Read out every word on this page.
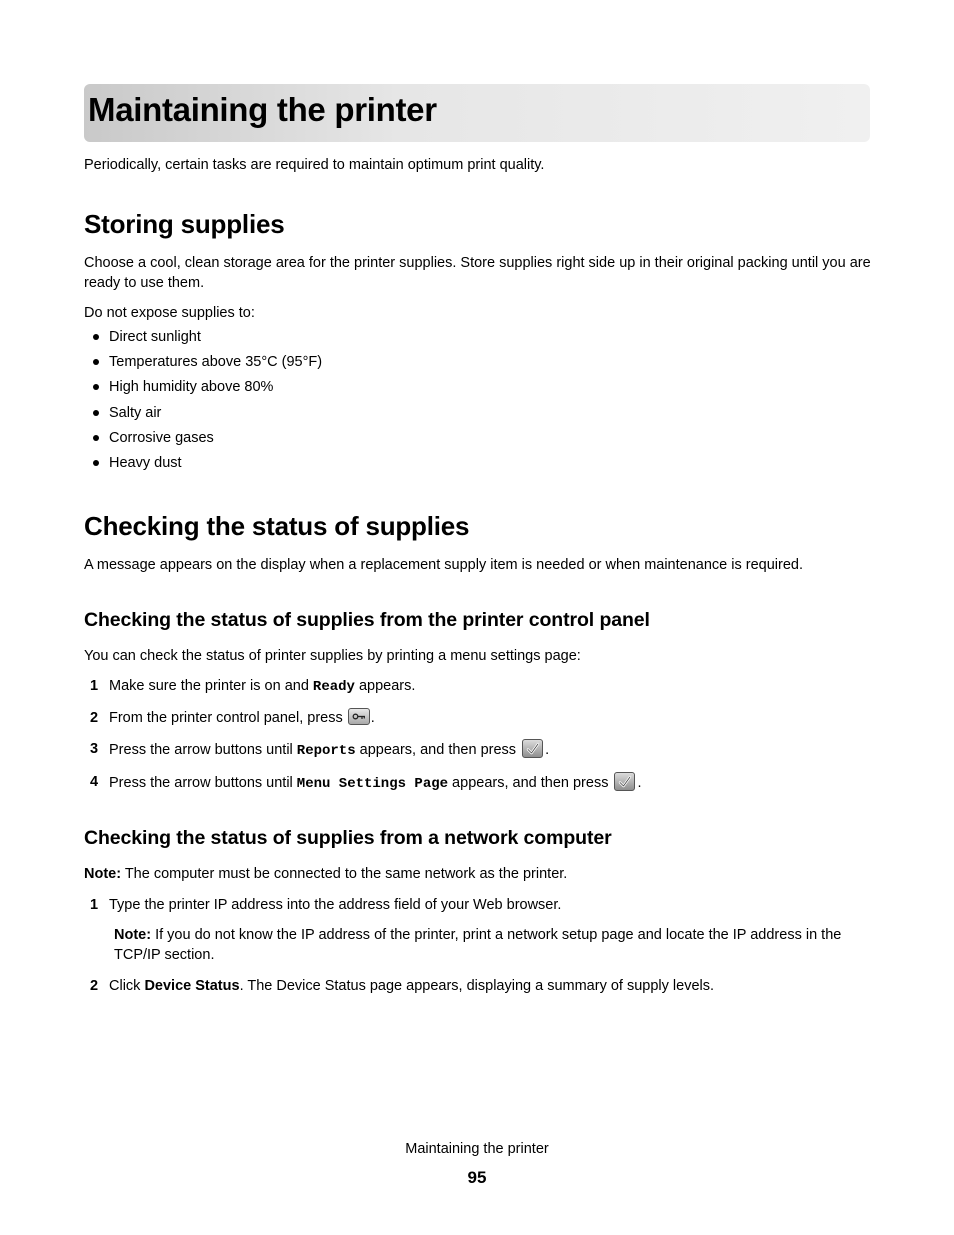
Maintaining the printer

Periodically, certain tasks are required to maintain optimum print quality.

Storing supplies

Choose a cool, clean storage area for the printer supplies. Store supplies right side up in their original packing until you are ready to use them.

Do not expose supplies to:

Direct sunlight
Temperatures above 35°C (95°F)
High humidity above 80%
Salty air
Corrosive gases
Heavy dust
Checking the status of supplies

A message appears on the display when a replacement supply item is needed or when maintenance is required.

Checking the status of supplies from the printer control panel

You can check the status of printer supplies by printing a menu settings page:

1 Make sure the printer is on and Ready appears.
2 From the printer control panel, press
.
3 Press the arrow buttons until Reports appears, and then press
.
4 Press the arrow buttons until Menu Settings Page appears, and then press
.
Checking the status of supplies from a network computer

Note: The computer must be connected to the same network as the printer.

1 Type the printer IP address into the address field of your Web browser.

Note: If you do not know the IP address of the printer, print a network setup page and locate the IP address in the TCP/IP section.

2 Click Device Status. The Device Status page appears, displaying a summary of supply levels.
Maintaining the printer
95
